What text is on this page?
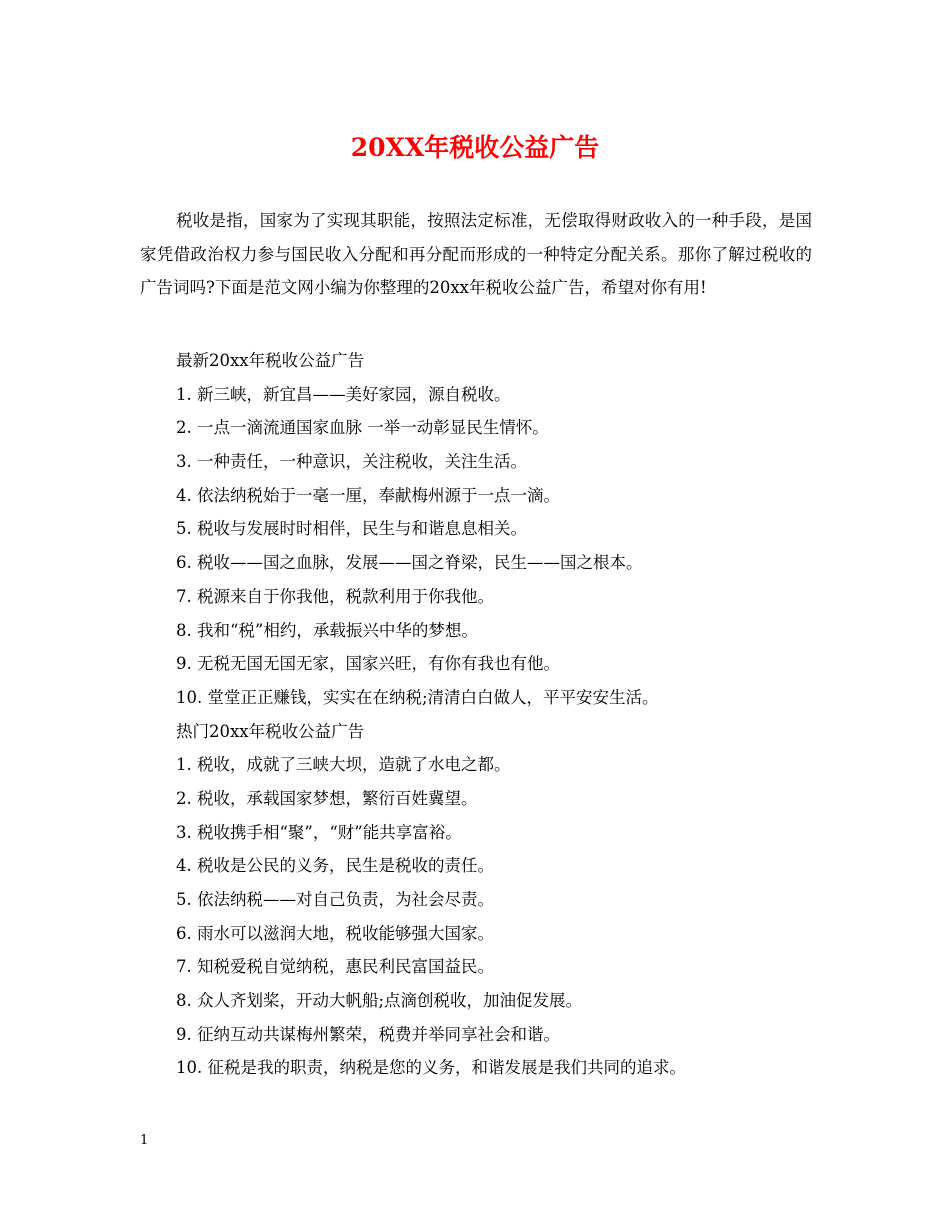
20XX年税收公益广告

税收是指，国家为了实现其职能，按照法定标准，无偿取得财政收入的一种手段，是国家凭借政治权力参与国民收入分配和再分配而形成的一种特定分配关系。那你了解过税收的广告词吗?下面是范文网小编为你整理的20xx年税收公益广告，希望对你有用!

最新20xx年税收公益广告
1. 新三峡，新宜昌——美好家园，源自税收。
2. 一点一滴流通国家血脉 一举一动彰显民生情怀。
3. 一种责任，一种意识，关注税收，关注生活。
4. 依法纳税始于一毫一厘，奉献梅州源于一点一滴。
5. 税收与发展时时相伴，民生与和谐息息相关。
6. 税收——国之血脉，发展——国之脊梁，民生——国之根本。
7. 税源来自于你我他，税款利用于你我他。
8. 我和“税”相约，承载振兴中华的梦想。
9. 无税无国无国无家，国家兴旺，有你有我也有他。
10. 堂堂正正赚钱，实实在在纳税;清清白白做人，平平安安生活。
热门20xx年税收公益广告
1. 税收，成就了三峡大坝，造就了水电之都。
2. 税收，承载国家梦想，繁衍百姓冀望。
3. 税收携手相“聚”，“财”能共享富裕。
4. 税收是公民的义务，民生是税收的责任。
5. 依法纳税——对自己负责，为社会尽责。
6. 雨水可以滋润大地，税收能够强大国家。
7. 知税爱税自觉纳税，惠民利民富国益民。
8. 众人齐划桨，开动大帆船;点滴创税收，加油促发展。
9. 征纳互动共谋梅州繁荣，税费并举同享社会和谐。
10. 征税是我的职责，纳税是您的义务，和谐发展是我们共同的追求。
1
